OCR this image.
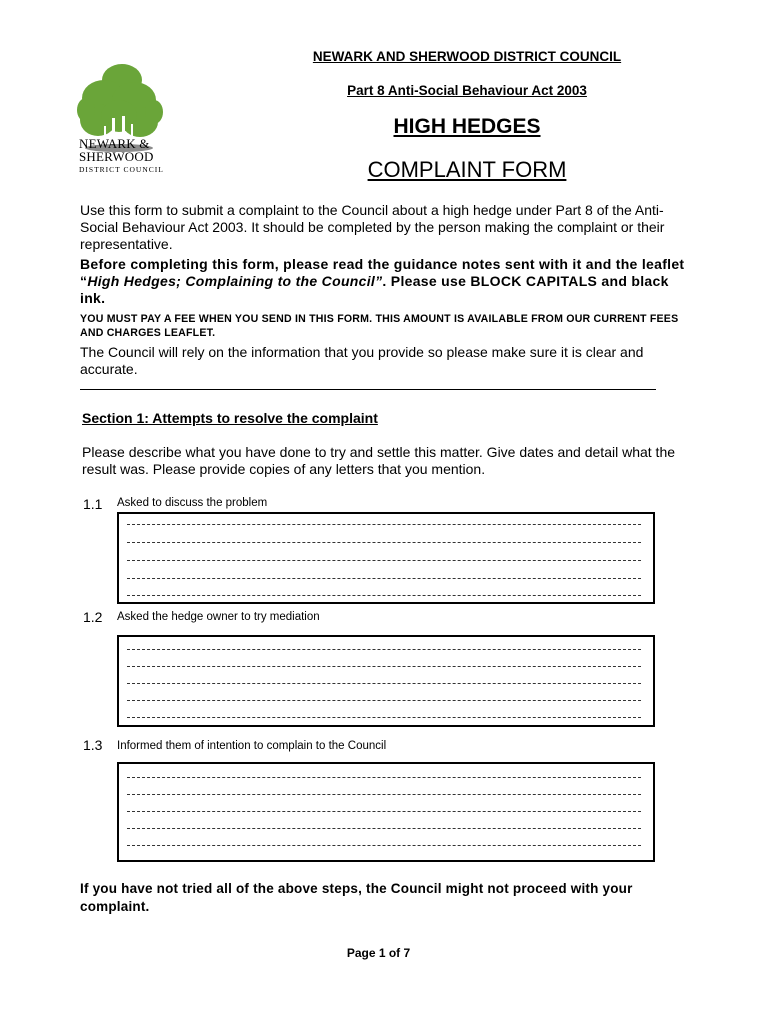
NEWARK &
SHERWOOD
DISTRICT COUNCIL
NEWARK AND SHERWOOD DISTRICT COUNCIL
Part 8 Anti-Social Behaviour Act 2003
HIGH HEDGES
COMPLAINT FORM

Use this form to submit a complaint to the Council about a high hedge under Part 8 of the Anti-Social Behaviour Act 2003. It should be completed by the person making the complaint or their representative.

Before completing this form, please read the guidance notes sent with it and the leaflet “High Hedges; Complaining to the Council”. Please use BLOCK CAPITALS and black ink.

YOU MUST PAY A FEE WHEN YOU SEND IN THIS FORM. THIS AMOUNT IS AVAILABLE FROM OUR CURRENT FEES AND CHARGES LEAFLET.

The Council will rely on the information that you provide so please make sure it is clear and accurate.

Section 1: Attempts to resolve the complaint

Please describe what you have done to try and settle this matter. Give dates and detail what the result was. Please provide copies of any letters that you mention.

1.1 Asked to discuss the problem
1.2 Asked the hedge owner to try mediation
1.3 Informed them of intention to complain to the Council

If you have not tried all of the above steps, the Council might not proceed with your complaint.

Page 1 of 7
